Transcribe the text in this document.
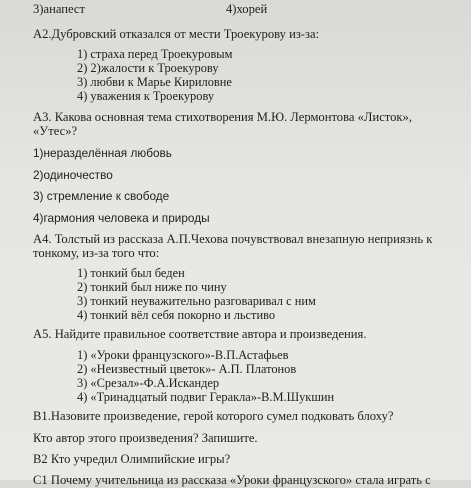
3)анапест	4)хорей
А2.Дубровский отказался от мести Троекурову из-за:
1) страха перед Троекуровым
2) 2)жалости к Троекурову
3) любви к Марье Кириловне
4) уважения к Троекурову
А3. Какова основная тема стихотворения М.Ю. Лермонтова «Листок»,
«Утес»?
1)неразделённая любовь
2)одиночество
3) стремление к свободе
4)гармония человека и природы
А4. Толстый из рассказа А.П.Чехова почувствовал внезапную неприязнь к
тонкому, из-за того что:
1) тонкий был беден
2) тонкий был ниже по чину
3) тонкий неуважительно разговаривал с ним
4) тонкий вёл себя покорно и льстиво
А5. Найдите правильное соответствие автора и произведения.
1) «Уроки французского»-В.П.Астафьев
2) «Неизвестный цветок»- А.П. Платонов
3) «Срезал»-Ф.А.Искандер
4) «Тринадцатый подвиг Геракла»-В.М.Шукшин
В1.Назовите произведение, герой которого сумел подковать блоху?
Кто автор этого произведения? Запишите.
В2 Кто учредил Олимпийские игры?
С1 Почему учительница из рассказа «Уроки французского» стала играть с
